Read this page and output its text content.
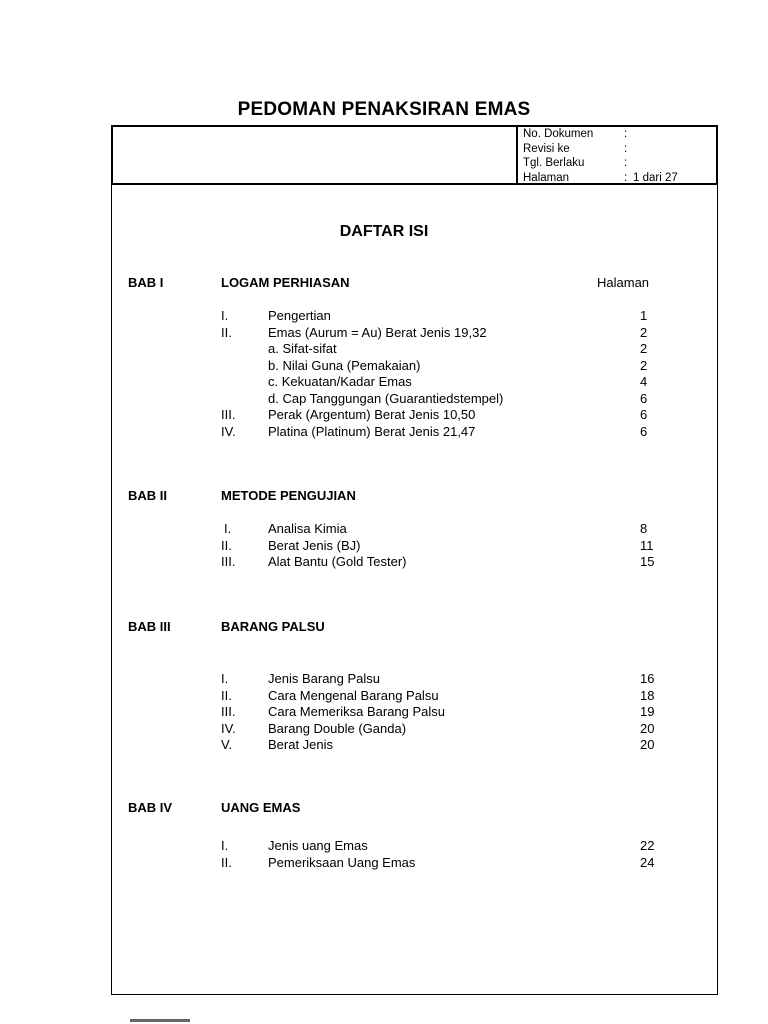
PEDOMAN PENAKSIRAN EMAS
No. Dokumen	:
Revisi ke	:
Tgl. Berlaku	:
Halaman	: 1 dari 27
DAFTAR ISI
BAB I	LOGAM PERHIASAN	Halaman
I.	Pengertian	1
II.	Emas (Aurum = Au) Berat Jenis 19,32	2
a. Sifat-sifat	2
b. Nilai Guna (Pemakaian)	2
c. Kekuatan/Kadar Emas	4
d. Cap Tanggungan (Guarantiedstempel)	6
III.	Perak (Argentum) Berat Jenis 10,50	6
IV. Platina (Platinum) Berat Jenis 21,47	6
BAB II	METODE PENGUJIAN
I.	Analisa Kimia	8
II.	Berat Jenis (BJ)	11
III.	Alat Bantu (Gold Tester)	15
BAB III	BARANG PALSU
I.	Jenis Barang Palsu	16
II.	Cara Mengenal Barang Palsu	18
III.	Cara Memeriksa Barang Palsu	19
IV. Barang Double (Ganda)	20
V.	Berat Jenis	20
BAB IV	UANG EMAS
I.	Jenis uang Emas	22
II.	Pemeriksaan Uang Emas	24
